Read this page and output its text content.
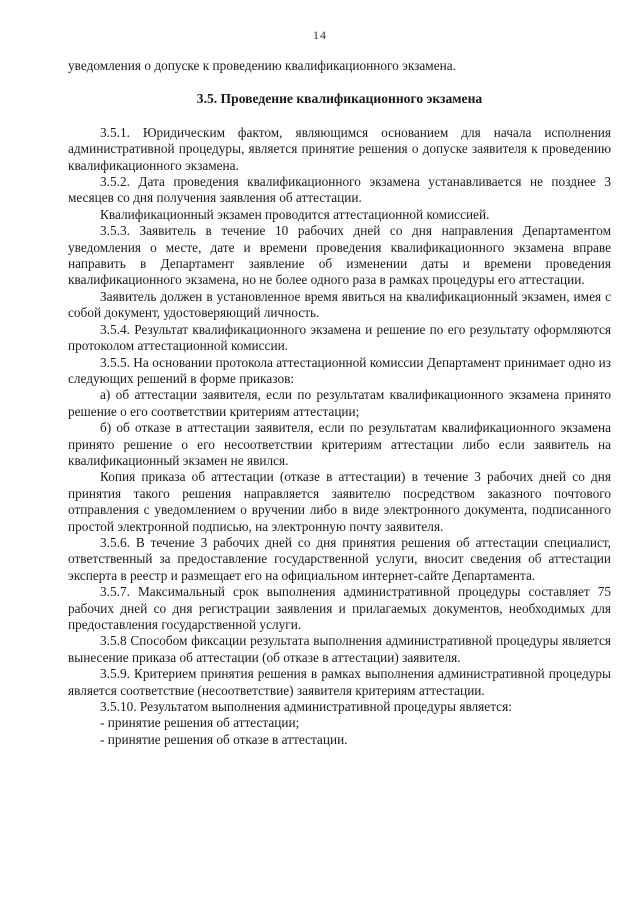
14

уведомления о допуске к проведению квалификационного экзамена.

3.5. Проведение квалификационного экзамена

3.5.1. Юридическим фактом, являющимся основанием для начала исполнения административной процедуры, является принятие решения о допуске заявителя к проведению квалификационного экзамена.

3.5.2. Дата проведения квалификационного экзамена устанавливается не позднее 3 месяцев со дня получения заявления об аттестации.

Квалификационный экзамен проводится аттестационной комиссией.

3.5.3. Заявитель в течение 10 рабочих дней со дня направления Департаментом уведомления о месте, дате и времени проведения квалификационного экзамена вправе направить в Департамент заявление об изменении даты и времени проведения квалификационного экзамена, но не более одного раза в рамках процедуры его аттестации.

Заявитель должен в установленное время явиться на квалификационный экзамен, имея с собой документ, удостоверяющий личность.

3.5.4. Результат квалификационного экзамена и решение по его результату оформляются протоколом аттестационной комиссии.

3.5.5. На основании протокола аттестационной комиссии Департамент принимает одно из следующих решений в форме приказов:

а) об аттестации заявителя, если по результатам квалификационного экзамена принято решение о его соответствии критериям аттестации;

б) об отказе в аттестации заявителя, если по результатам квалификационного экзамена принято решение о его несоответствии критериям аттестации либо если заявитель на квалификационный экзамен не явился.

Копия приказа об аттестации (отказе в аттестации) в течение 3 рабочих дней со дня принятия такого решения направляется заявителю посредством заказного почтового отправления с уведомлением о вручении либо в виде электронного документа, подписанного простой электронной подписью, на электронную почту заявителя.

3.5.6. В течение 3 рабочих дней со дня принятия решения об аттестации специалист, ответственный за предоставление государственной услуги, вносит сведения об аттестации эксперта в реестр и размещает его на официальном интернет-сайте Департамента.

3.5.7. Максимальный срок выполнения административной процедуры составляет 75 рабочих дней со дня регистрации заявления и прилагаемых документов, необходимых для предоставления государственной услуги.

3.5.8 Способом фиксации результата выполнения административной процедуры является вынесение приказа об аттестации (об отказе в аттестации) заявителя.

3.5.9. Критерием принятия решения в рамках выполнения административной процедуры является соответствие (несоответствие) заявителя критериям аттестации.

3.5.10. Результатом выполнения административной процедуры является:

- принятие решения об аттестации;

- принятие решения об отказе в аттестации.
